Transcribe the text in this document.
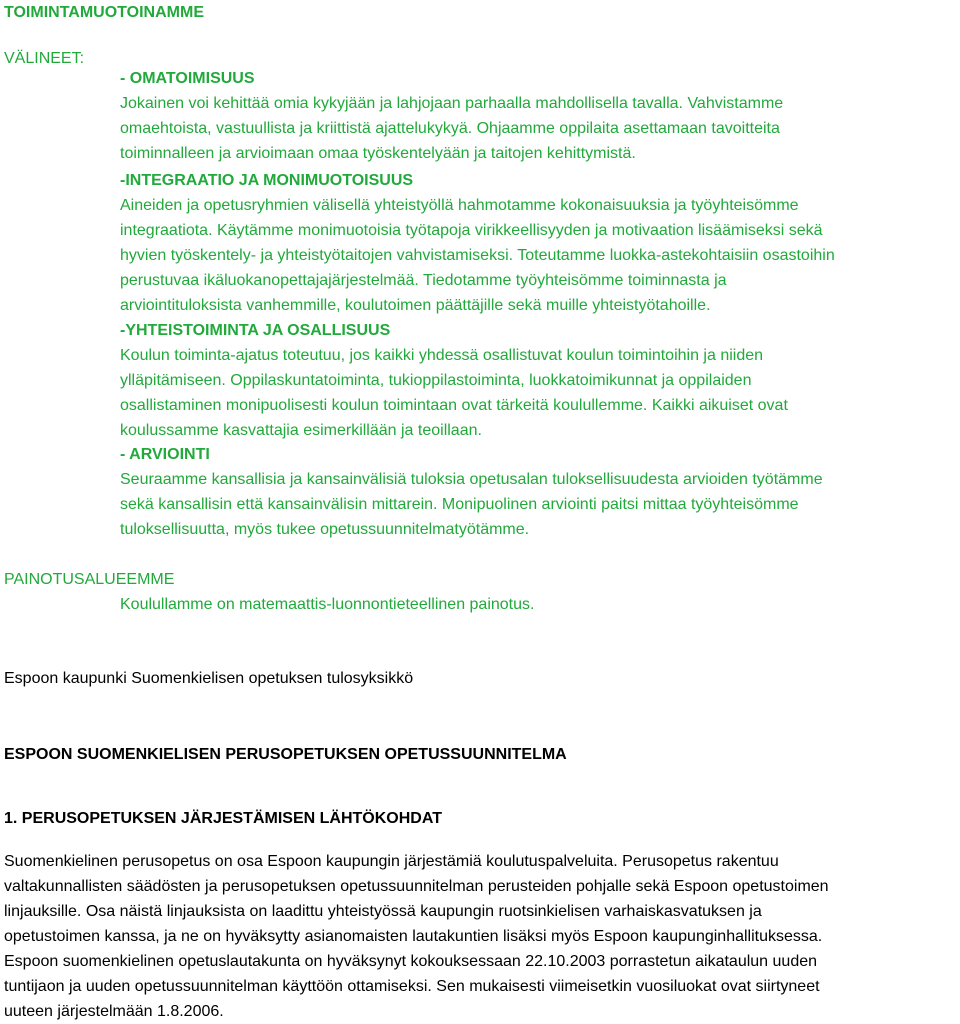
TOIMINTAMUOTOINAMME
VÄLINEET:
- OMATOIMISUUS
Jokainen voi kehittää omia kykyjään ja lahjojaan parhaalla mahdollisella tavalla. Vahvistamme
omaehtoista, vastuullista ja kriittistä ajattelukykyä. Ohjaamme oppilaita asettamaan tavoitteita
toiminnalleen ja arvioimaan omaa työskentelyään ja taitojen kehittymistä.
-INTEGRAATIO JA MONIMUOTOISUUS
Aineiden ja opetusryhmien välisellä yhteistyöllä hahmotamme kokonaisuuksia ja työyhteisömme
integraatiota. Käytämme monimuotoisia työtapoja virikkeellisyyden ja motivaation lisäämiseksi sekä
hyvien työskentely- ja yhteistyötaitojen vahvistamiseksi. Toteutamme luokka-astekohtaisiin osastoihin
perustuvaa ikäluokanopettajajärjestelmää. Tiedotamme työyhteisömme toiminnasta ja
arviointituloksista vanhemmille, koulutoimen päättäjille sekä muille yhteistyötahoille.
-YHTEISTOIMINTA JA OSALLISUUS
Koulun toiminta-ajatus toteutuu, jos kaikki yhdessä osallistuvat koulun toimintoihin ja niiden
ylläpitämiseen. Oppilaskuntatoiminta, tukioppilastoiminta, luokkatoimikunnat ja oppilaiden
osallistaminen monipuolisesti koulun toimintaan ovat tärkeitä koulullemme. Kaikki aikuiset ovat
koulussamme kasvattajia esimerkillään ja teoillaan.
- ARVIOINTI
Seuraamme kansallisia ja kansainvälisiä tuloksia opetusalan tuloksellisuudesta arvioiden työtämme
sekä kansallisin että kansainvälisin mittarein. Monipuolinen arviointi paitsi mittaa työyhteisömme
tuloksellisuutta, myös tukee opetussuunnitelmatyötämme.
PAINOTUSALUEEMME
Koulullamme on matemaattis-luonnontieteellinen painotus.
Espoon kaupunki Suomenkielisen opetuksen tulosyksikkö
ESPOON SUOMENKIELISEN PERUSOPETUKSEN OPETUSSUUNNITELMA
1. PERUSOPETUKSEN JÄRJESTÄMISEN LÄHTÖKOHDAT
Suomenkielinen perusopetus on osa Espoon kaupungin järjestämiä koulutuspalveluita. Perusopetus rakentuu
valtakunnallisten säädösten ja perusopetuksen opetussuunnitelman perusteiden pohjalle sekä Espoon opetustoimen
linjauksille. Osa näistä linjauksista on laadittu yhteistyössä kaupungin ruotsinkielisen varhaiskasvatuksen ja
opetustoimen kanssa, ja ne on hyväksytty asianomaisten lautakuntien lisäksi myös Espoon kaupunginhallituksessa.
Espoon suomenkielinen opetuslautakunta on hyväksynyt kokouksessaan 22.10.2003 porrastetun aikataulun uuden
tuntijaon ja uuden opetussuunnitelman käyttöön ottamiseksi. Sen mukaisesti viimeisetkin vuosiluokat ovat siirtyneet
uuteen järjestelmään 1.8.2006.
